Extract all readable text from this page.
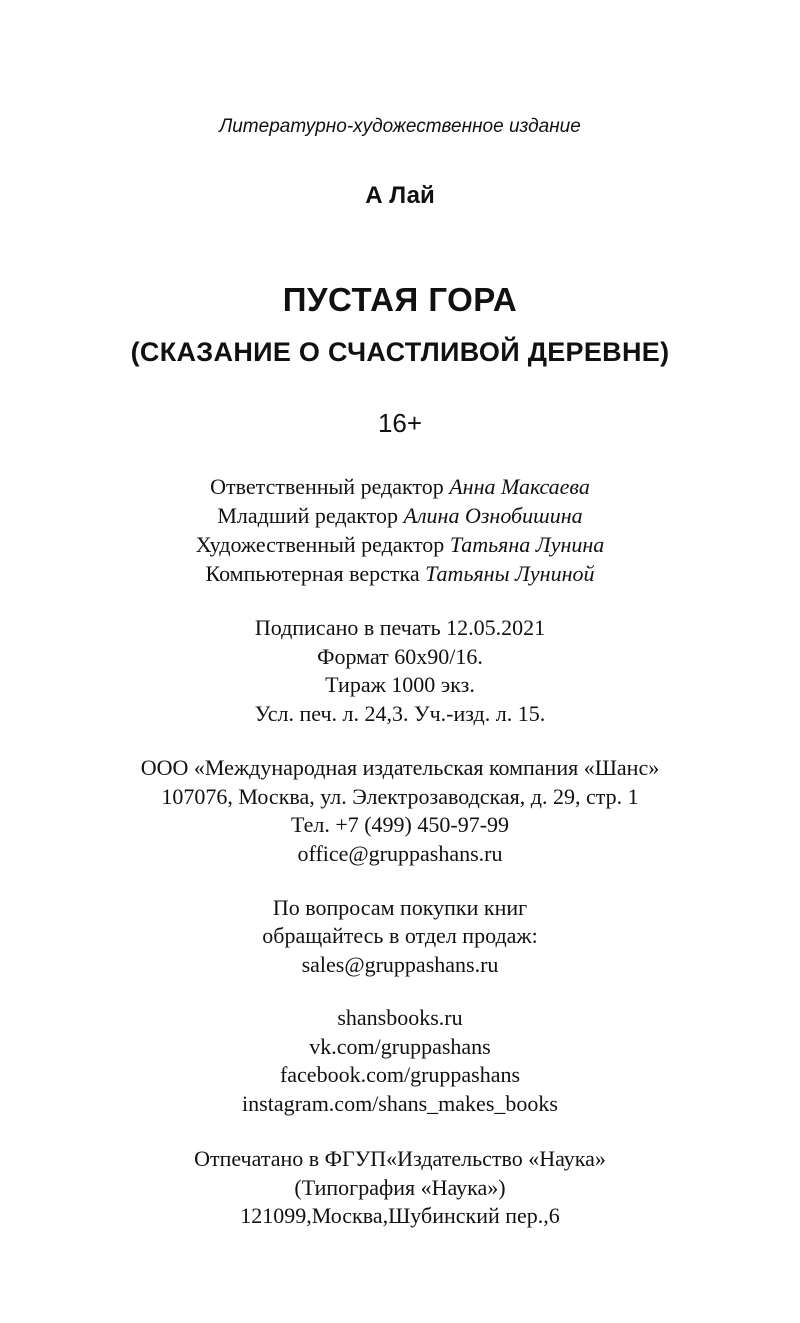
Литературно-художественное издание
А Лай
ПУСТАЯ ГОРА
(СКАЗАНИЕ О СЧАСТЛИВОЙ ДЕРЕВНЕ)
16+
Ответственный редактор Анна Максаева
Младший редактор Алина Ознобишина
Художественный редактор Татьяна Лунина
Компьютерная верстка Татьяны Луниной
Подписано в печать 12.05.2021
Формат 60x90/16.
Тираж 1000 экз.
Усл. печ. л. 24,3. Уч.-изд. л. 15.
ООО «Международная издательская компания «Шанс»
107076, Москва, ул. Электрозаводская, д. 29, стр. 1
Тел. +7 (499) 450-97-99
office@gruppashans.ru
По вопросам покупки книг
обращайтесь в отдел продаж:
sales@gruppashans.ru
shansbooks.ru
vk.com/gruppashans
facebook.com/gruppashans
instagram.com/shans_makes_books
Отпечатано в ФГУП«Издательство «Наука»
(Типография «Наука»)
121099,Москва,Шубинский пер.,6
